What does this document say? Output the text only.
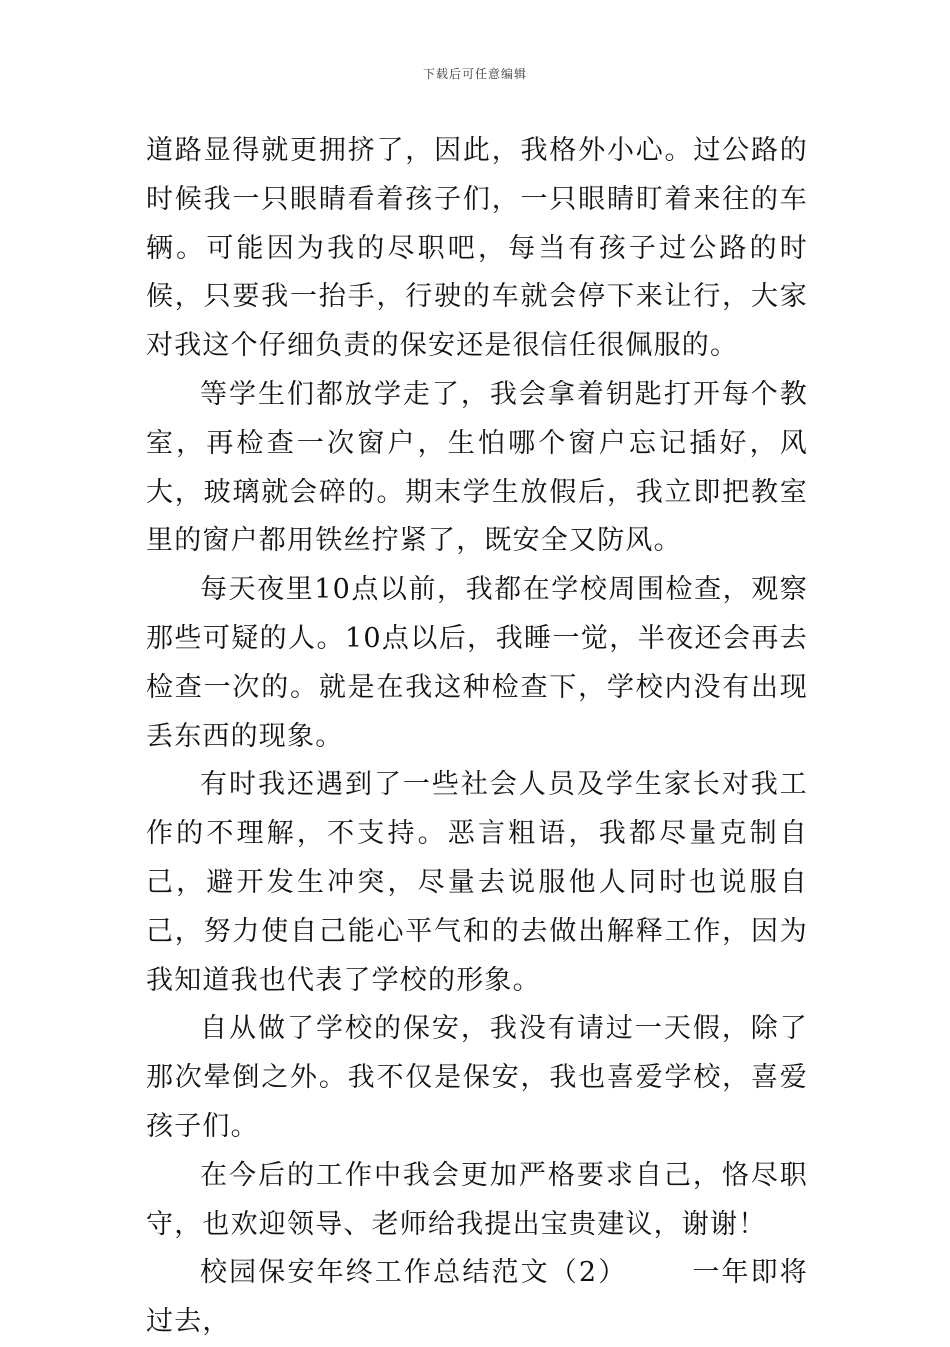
下载后可任意编辑

道路显得就更拥挤了，因此，我格外小心。过公路的时候我一只眼睛看着孩子们，一只眼睛盯着来往的车辆。可能因为我的尽职吧，每当有孩子过公路的时候，只要我一抬手，行驶的车就会停下来让行，大家对我这个仔细负责的保安还是很信任很佩服的。

等学生们都放学走了，我会拿着钥匙打开每个教室，再检查一次窗户，生怕哪个窗户忘记插好，风大，玻璃就会碎的。期末学生放假后，我立即把教室里的窗户都用铁丝拧紧了，既安全又防风。

每天夜里10点以前，我都在学校周围检查，观察那些可疑的人。10点以后，我睡一觉，半夜还会再去检查一次的。就是在我这种检查下，学校内没有出现丢东西的现象。

有时我还遇到了一些社会人员及学生家长对我工作的不理解，不支持。恶言粗语，我都尽量克制自己，避开发生冲突，尽量去说服他人同时也说服自己，努力使自己能心平气和的去做出解释工作，因为我知道我也代表了学校的形象。

自从做了学校的保安，我没有请过一天假，除了那次晕倒之外。我不仅是保安，我也喜爱学校，喜爱孩子们。

在今后的工作中我会更加严格要求自己，恪尽职守，也欢迎领导、老师给我提出宝贵建议，谢谢！

校园保安年终工作总结范文（2） 一年即将过去，
